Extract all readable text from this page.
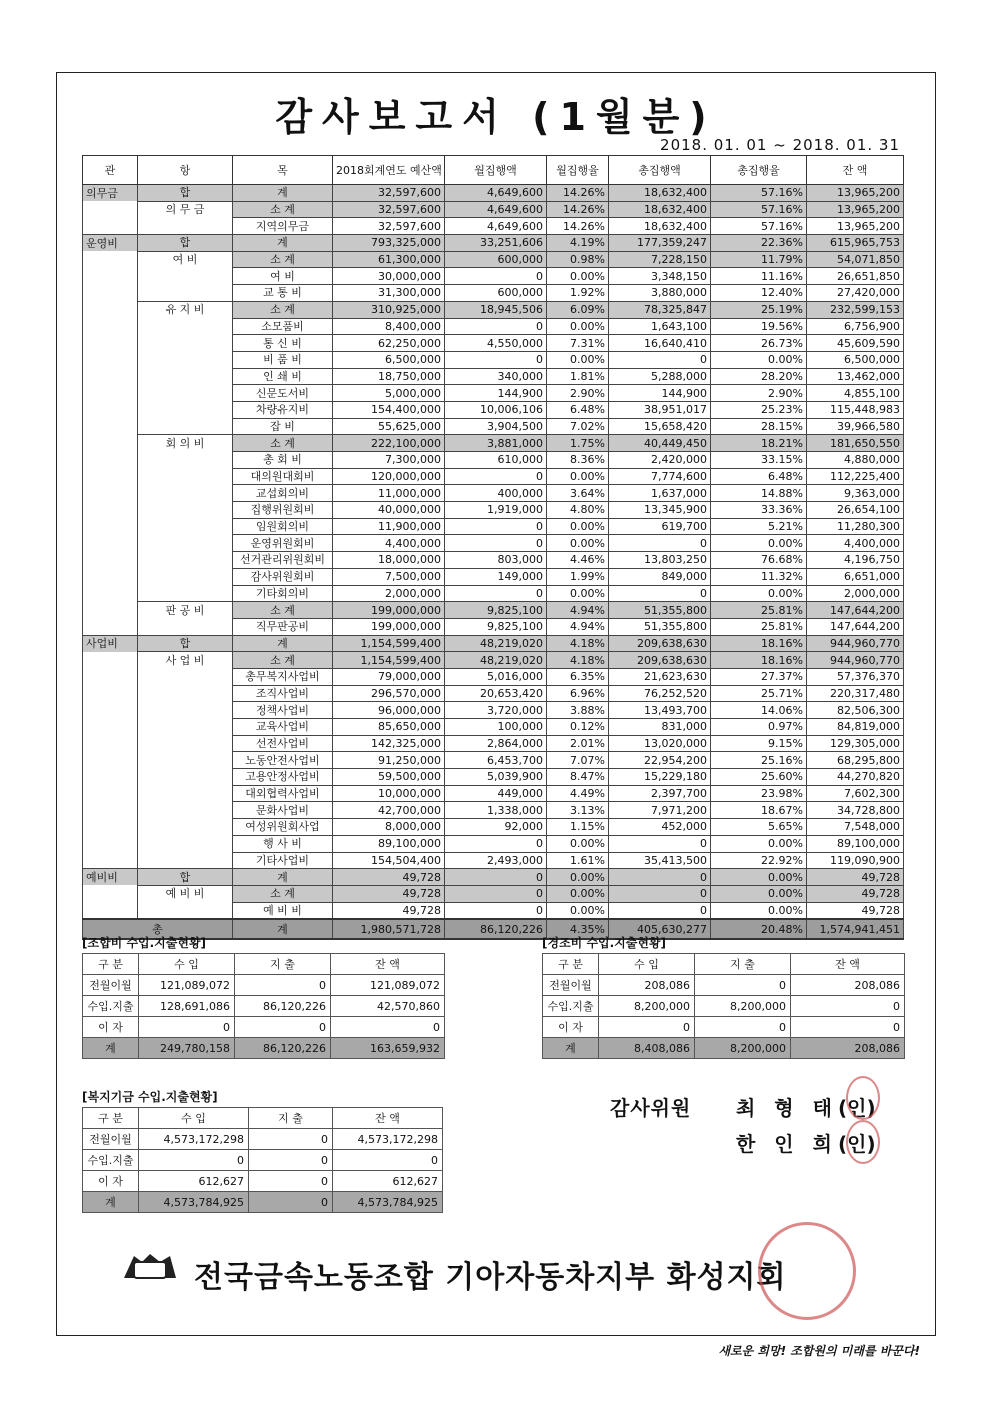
감사보고서 (1월분)
2018. 01. 01 ~ 2018. 01. 31
관	항	목	2018회계연도 예산액	월집행액	월집행율	총집행액	총집행율	잔 액
의무금	합	계	32,597,600	4,649,600	14.26%	18,632,400	57.16%	13,965,200
	의 무 금	소 계	32,597,600	4,649,600	14.26%	18,632,400	57.16%	13,965,200
		지역의무금	32,597,600	4,649,600	14.26%	18,632,400	57.16%	13,965,200
운영비	합	계	793,325,000	33,251,606	4.19%	177,359,247	22.36%	615,965,753
	여 비	소 계	61,300,000	600,000	0.98%	7,228,150	11.79%	54,071,850
		여 비	30,000,000	0	0.00%	3,348,150	11.16%	26,651,850
		교 통 비	31,300,000	600,000	1.92%	3,880,000	12.40%	27,420,000
	유 지 비	소 계	310,925,000	18,945,506	6.09%	78,325,847	25.19%	232,599,153
		소모품비	8,400,000	0	0.00%	1,643,100	19.56%	6,756,900
		통 신 비	62,250,000	4,550,000	7.31%	16,640,410	26.73%	45,609,590
		비 품 비	6,500,000	0	0.00%	0	0.00%	6,500,000
		인 쇄 비	18,750,000	340,000	1.81%	5,288,000	28.20%	13,462,000
		신문도서비	5,000,000	144,900	2.90%	144,900	2.90%	4,855,100
		차량유지비	154,400,000	10,006,106	6.48%	38,951,017	25.23%	115,448,983
		잡 비	55,625,000	3,904,500	7.02%	15,658,420	28.15%	39,966,580
	회 의 비	소 계	222,100,000	3,881,000	1.75%	40,449,450	18.21%	181,650,550
		총 회 비	7,300,000	610,000	8.36%	2,420,000	33.15%	4,880,000
		대의원대회비	120,000,000	0	0.00%	7,774,600	6.48%	112,225,400
		교섭회의비	11,000,000	400,000	3.64%	1,637,000	14.88%	9,363,000
		집행위원회비	40,000,000	1,919,000	4.80%	13,345,900	33.36%	26,654,100
		임원회의비	11,900,000	0	0.00%	619,700	5.21%	11,280,300
		운영위원회비	4,400,000	0	0.00%	0	0.00%	4,400,000
		선거관리위원회비	18,000,000	803,000	4.46%	13,803,250	76.68%	4,196,750
		감사위원회비	7,500,000	149,000	1.99%	849,000	11.32%	6,651,000
		기타회의비	2,000,000	0	0.00%	0	0.00%	2,000,000
	판 공 비	소 계	199,000,000	9,825,100	4.94%	51,355,800	25.81%	147,644,200
		직무판공비	199,000,000	9,825,100	4.94%	51,355,800	25.81%	147,644,200
사업비	합	계	1,154,599,400	48,219,020	4.18%	209,638,630	18.16%	944,960,770
	사 업 비	소 계	1,154,599,400	48,219,020	4.18%	209,638,630	18.16%	944,960,770
		총무복지사업비	79,000,000	5,016,000	6.35%	21,623,630	27.37%	57,376,370
		조직사업비	296,570,000	20,653,420	6.96%	76,252,520	25.71%	220,317,480
		정책사업비	96,000,000	3,720,000	3.88%	13,493,700	14.06%	82,506,300
		교육사업비	85,650,000	100,000	0.12%	831,000	0.97%	84,819,000
		선전사업비	142,325,000	2,864,000	2.01%	13,020,000	9.15%	129,305,000
		노동안전사업비	91,250,000	6,453,700	7.07%	22,954,200	25.16%	68,295,800
		고용안정사업비	59,500,000	5,039,900	8.47%	15,229,180	25.60%	44,270,820
		대외협력사업비	10,000,000	449,000	4.49%	2,397,700	23.98%	7,602,300
		문화사업비	42,700,000	1,338,000	3.13%	7,971,200	18.67%	34,728,800
		여성위원회사업	8,000,000	92,000	1.15%	452,000	5.65%	7,548,000
		행 사 비	89,100,000	0	0.00%	0	0.00%	89,100,000
		기타사업비	154,504,400	2,493,000	1.61%	35,413,500	22.92%	119,090,900
예비비	합	계	49,728	0	0.00%	0	0.00%	49,728
	예 비 비	소 계	49,728	0	0.00%	0	0.00%	49,728
		예 비 비	49,728	0	0.00%	0	0.00%	49,728
총		계	1,980,571,728	86,120,226	4.35%	405,630,277	20.48%	1,574,941,451
[조합비 수입.지출현황]
구 분	수 입	지 출	잔 액
전월이월	121,089,072	0	121,089,072
수입.지출	128,691,086	86,120,226	42,570,860
이 자	0	0	0
계	249,780,158	86,120,226	163,659,932
[경조비 수입.지출현황]
구 분	수 입	지 출	잔 액
전월이월	208,086	0	208,086
수입.지출	8,200,000	8,200,000	0
이 자	0	0	0
계	8,408,086	8,200,000	208,086
[복지기금 수입.지출현황]
구 분	수 입	지 출	잔 액
전월이월	4,573,172,298	0	4,573,172,298
수입.지출	0	0	0
이 자	612,627	0	612,627
계	4,573,784,925	0	4,573,784,925
감사위원 최 형 태 (인)
한 인 희 (인)
전국금속노동조합 기아자동차지부 화성지회
새로운 희망! 조합원의 미래를 바꾼다!
